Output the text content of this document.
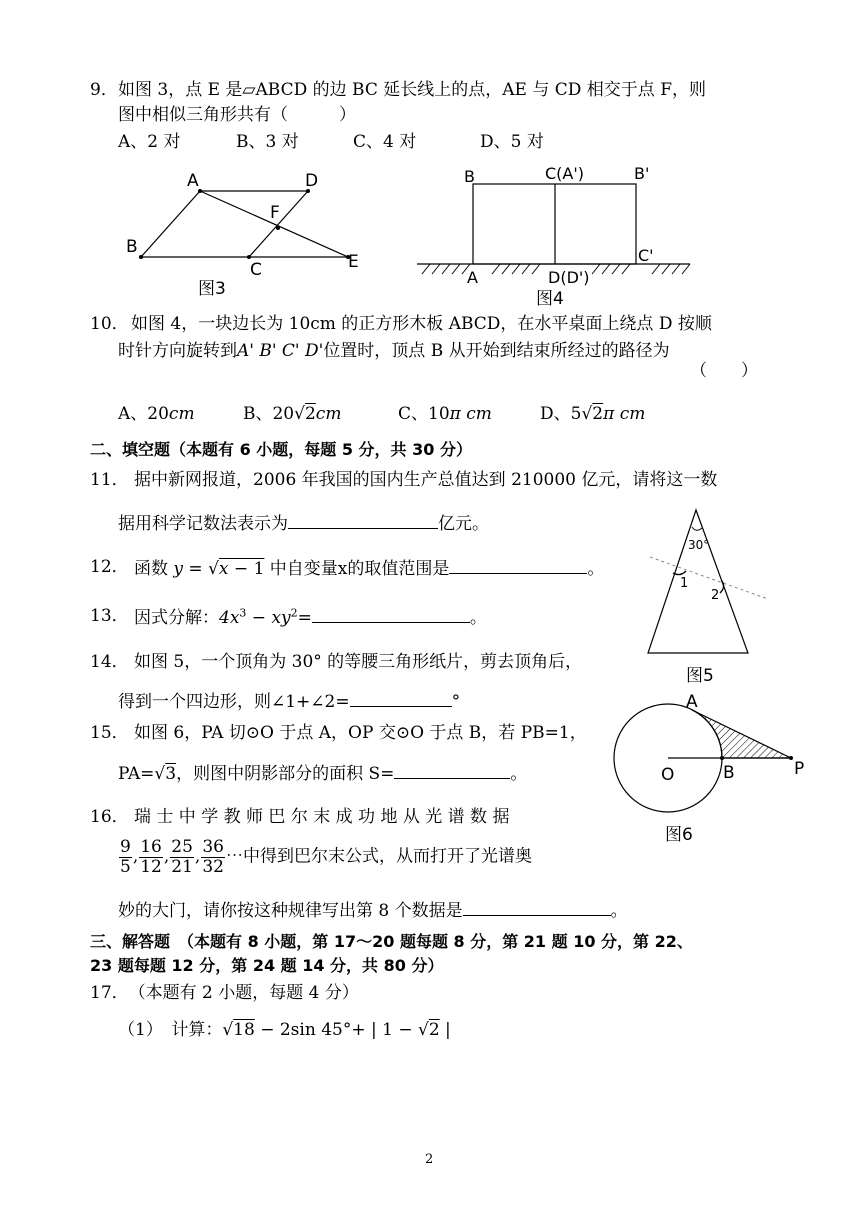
9． 如图 3，点 E 是▱ABCD 的边 BC 延长线上的点，AE 与 CD 相交于点 F，则
图中相似三角形共有（　　　）
A、2 对	B、3 对	C、4 对	D、5 对
A	D
F
B
C	E
图3
B	C(A')	B'
C'
A	D(D')
图4
10． 如图 4，一块边长为 10cm 的正方形木板 ABCD，在水平桌面上绕点 D 按顺
时针方向旋转到A' B' C' D'位置时，顶点 B 从开始到结束所经过的路径为
（　　）
A、20cm	B、20√2cm	C、10π cm	D、5√2π cm
二、填空题（本题有 6 小题，每题 5 分，共 30 分）
11． 据中新网报道，2006 年我国的国内生产总值达到 210000 亿元，请将这一数
据用科学记数法表示为	亿元。
12． 函数 y = √x − 1 中自变量x的取值范围是	。
13． 因式分解：$4x^3 - xy^2=$	。
14． 如图 5，一个顶角为 30° 的等腰三角形纸片，剪去顶角后，
得到一个四边形，则∠1+∠2=	°
30°
1
2
图5
15． 如图 6，PA 切⊙O 于点 A，OP 交⊙O 于点 B，若 PB=1，
PA=√3，则图中阴影部分的面积 S=	。
A
O	B	P
图6
16． 瑞 士 中 学 教 师 巴 尔 末 成 功 地 从 光 谱 数 据
$\frac{9}{5}$ , $\frac{16}{12}$ , $\frac{25}{21}$ , $\frac{36}{32}$ ⋯中得到巴尔末公式，从而打开了光谱奥
妙的大门，请你按这种规律写出第 8 个数据是	。
三、解答题　（本题有 8 小题，第 17～20 题每题 8 分，第 21 题 10 分，第 22、
23 题每题 12 分，第 24 题 14 分，共 80 分）
17．　（本题有 2 小题，每题 4 分）
（1）　计算：√18 − 2sin 45°+ | 1 − √2 |
2
